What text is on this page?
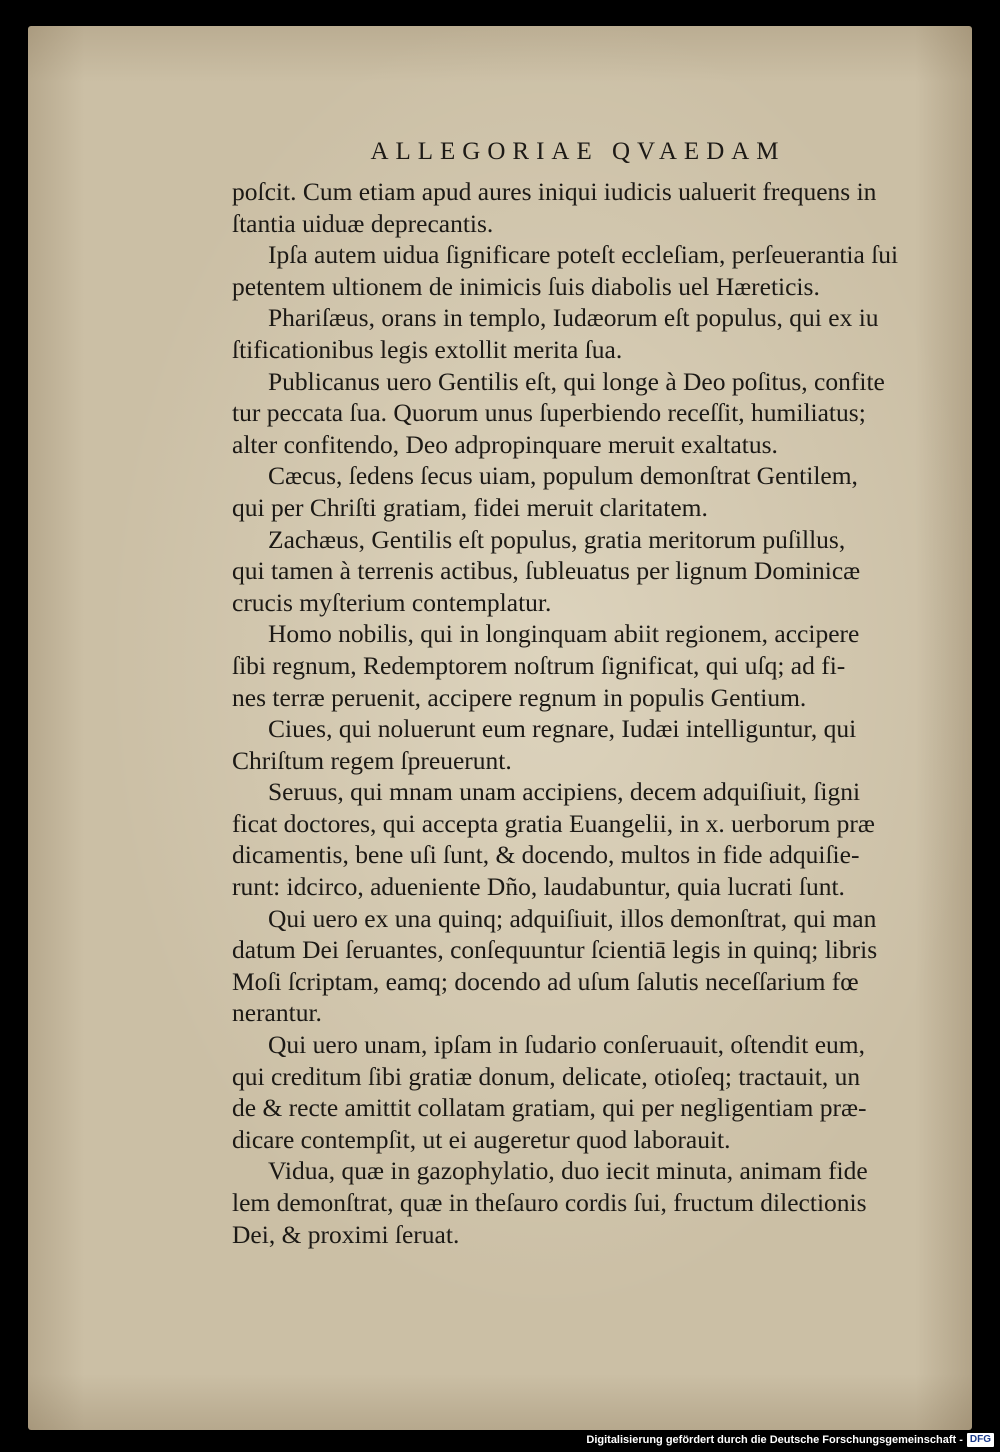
ALLEGORIAE QVAEDAM
poſcit. Cum etiam apud aures iniqui iudicis ualuerit frequens in
ſtantia uiduæ deprecantis.
Ipſa autem uidua ſignificare poteſt eccleſiam, perſeuerantia ſui
petentem ultionem de inimicis ſuis diabolis uel Hæreticis.
Phariſæus, orans in templo, Iudæorum eſt populus, qui ex iu
ſtificationibus legis extollit merita ſua.
Publicanus uero Gentilis eſt, qui longe à Deo poſitus, confite
tur peccata ſua. Quorum unus ſuperbiendo receſſit, humiliatus;
alter confitendo, Deo adpropinquare meruit exaltatus.
Cæcus, ſedens ſecus uiam, populum demonſtrat Gentilem,
qui per Chriſti gratiam, fidei meruit claritatem.
Zachæus, Gentilis eſt populus, gratia meritorum puſillus,
qui tamen à terrenis actibus, ſubleuatus per lignum Dominicæ
crucis myſterium contemplatur.
Homo nobilis, qui in longinquam abiit regionem, accipere
ſibi regnum, Redemptorem noſtrum ſignificat, qui uſq; ad fi-
nes terræ peruenit, accipere regnum in populis Gentium.
Ciues, qui noluerunt eum regnare, Iudæi intelliguntur, qui
Chriſtum regem ſpreuerunt.
Seruus, qui mnam unam accipiens, decem adquiſiuit, ſigni
ficat doctores, qui accepta gratia Euangelii, in x. uerborum præ
dicamentis, bene uſi ſunt, & docendo, multos in fide adquiſie-
runt: idcirco, adueniente Dño, laudabuntur, quia lucrati ſunt.
Qui uero ex una quinq; adquiſiuit, illos demonſtrat, qui man
datum Dei ſeruantes, conſequuntur ſcientiā legis in quinq; libris
Moſi ſcriptam, eamq; docendo ad uſum ſalutis neceſſarium fœ
nerantur.
Qui uero unam, ipſam in ſudario conſeruauit, oſtendit eum,
qui creditum ſibi gratiæ donum, delicate, otioſeq; tractauit, un
de & recte amittit collatam gratiam, qui per negligentiam præ-
dicare contempſit, ut ei augeretur quod laborauit.
Vidua, quæ in gazophylatio, duo iecit minuta, animam fide
lem demonſtrat, quæ in theſauro cordis ſui, fructum dilectionis
Dei, & proximi ſeruat.
Digitalisierung gefördert durch die Deutsche Forschungsgemeinschaft - DFG
